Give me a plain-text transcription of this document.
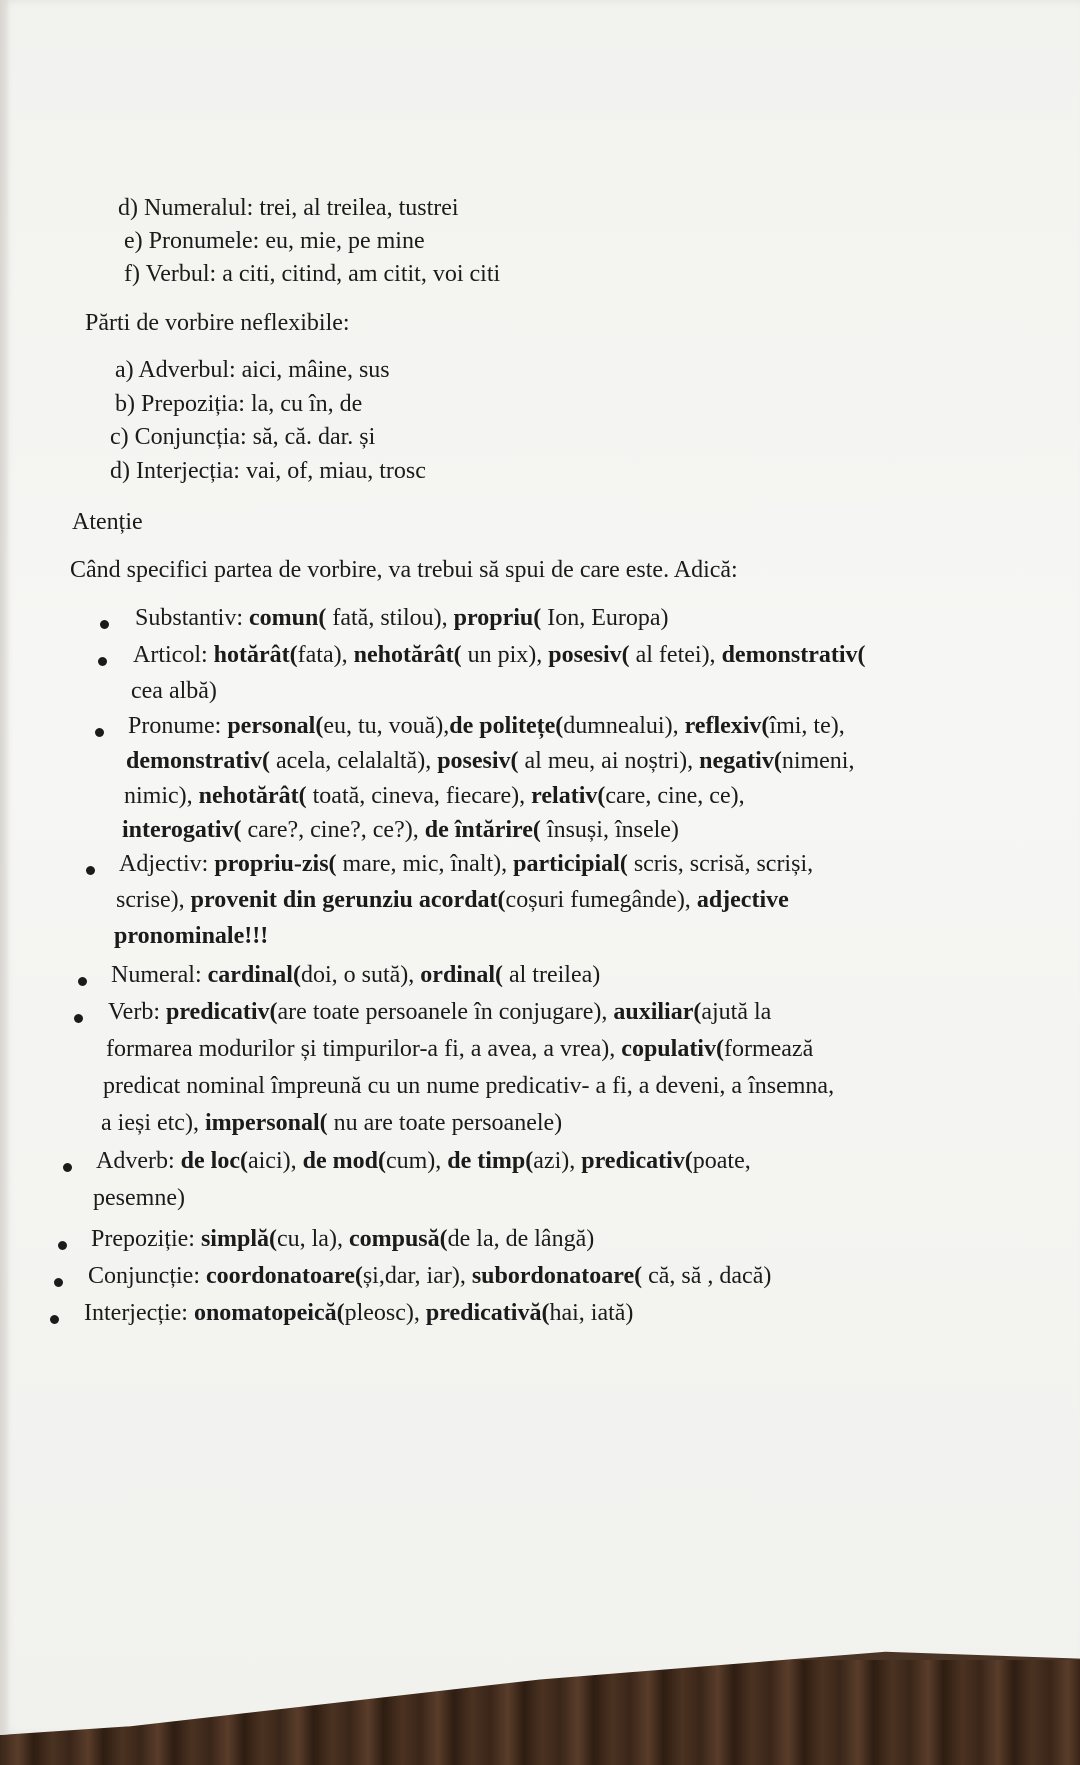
d) Numeralul: trei, al treilea, tustrei
e) Pronumele: eu, mie, pe mine
f) Verbul: a citi, citind, am citit, voi citi
Părti de vorbire neflexibile:
a) Adverbul: aici, mâine, sus
b) Prepoziția: la, cu în, de
c) Conjuncția: să, că. dar. și
d) Interjecția: vai, of, miau, trosc
Atenție
Când specifici partea de vorbire, va trebui să spui de care este. Adică:
Substantiv: comun( fată, stilou), propriu( Ion, Europa)
Articol: hotărât(fata), nehotărât( un pix), posesiv( al fetei), demonstrativ(
cea albă)
Pronume: personal(eu, tu, vouă),de politețe(dumnealui), reflexiv(îmi, te),
demonstrativ( acela, celalaltă), posesiv( al meu, ai noștri), negativ(nimeni,
nimic), nehotărât( toată, cineva, fiecare), relativ(care, cine, ce),
interogativ( care?, cine?, ce?), de întărire( însuși, însele)
Adjectiv: propriu-zis( mare, mic, înalt), participial( scris, scrisă, scriși,
scrise), provenit din gerunziu acordat(coșuri fumegânde), adjective
pronominale!!!
Numeral: cardinal(doi, o sută), ordinal( al treilea)
Verb: predicativ(are toate persoanele în conjugare), auxiliar(ajută la
formarea modurilor și timpurilor-a fi, a avea, a vrea), copulativ(formează
predicat nominal împreună cu un nume predicativ- a fi, a deveni, a însemna,
a ieși etc), impersonal( nu are toate persoanele)
Adverb: de loc(aici), de mod(cum), de timp(azi), predicativ(poate,
pesemne)
Prepoziție: simplă(cu, la), compusă(de la, de lângă)
Conjuncție: coordonatoare(și,dar, iar), subordonatoare( că, să , dacă)
Interjecție: onomatopeică(pleosc), predicativă(hai, iată)
